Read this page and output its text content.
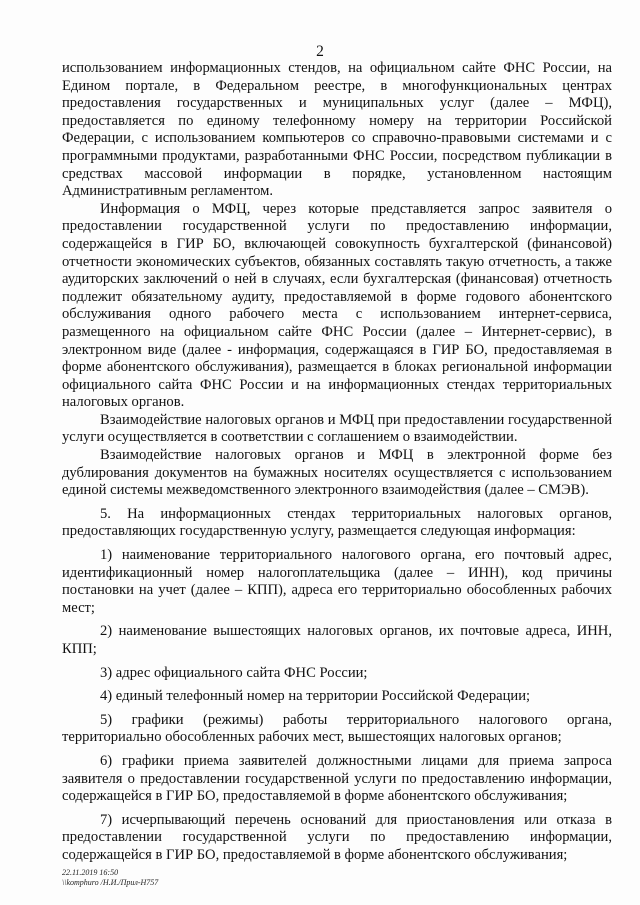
2

использованием информационных стендов, на официальном сайте ФНС России, на Едином портале, в Федеральном реестре, в многофункциональных центрах предоставления государственных и муниципальных услуг (далее – МФЦ), предоставляется по единому телефонному номеру на территории Российской Федерации, с использованием компьютеров со справочно-правовыми системами и с программными продуктами, разработанными ФНС России, посредством публикации в средствах массовой информации в порядке, установленном настоящим Административным регламентом.

Информация о МФЦ, через которые представляется запрос заявителя о предоставлении государственной услуги по предоставлению информации, содержащейся в ГИР БО, включающей совокупность бухгалтерской (финансовой) отчетности экономических субъектов, обязанных составлять такую отчетность, а также аудиторских заключений о ней в случаях, если бухгалтерская (финансовая) отчетность подлежит обязательному аудиту, предоставляемой в форме годового абонентского обслуживания одного рабочего места с использованием интернет-сервиса, размещенного на официальном сайте ФНС России (далее – Интернет-сервис), в электронном виде (далее - информация, содержащаяся в ГИР БО, предоставляемая в форме абонентского обслуживания), размещается в блоках региональной информации официального сайта ФНС России и на информационных стендах территориальных налоговых органов.

Взаимодействие налоговых органов и МФЦ при предоставлении государственной услуги осуществляется в соответствии с соглашением о взаимодействии.

Взаимодействие налоговых органов и МФЦ в электронной форме без дублирования документов на бумажных носителях осуществляется с использованием единой системы межведомственного электронного взаимодействия (далее – СМЭВ).

5. На информационных стендах территориальных налоговых органов, предоставляющих государственную услугу, размещается следующая информация:

1) наименование территориального налогового органа, его почтовый адрес, идентификационный номер налогоплательщика (далее – ИНН), код причины постановки на учет (далее – КПП), адреса его территориально обособленных рабочих мест;

2) наименование вышестоящих налоговых органов, их почтовые адреса, ИНН, КПП;

3) адрес официального сайта ФНС России;

4) единый телефонный номер на территории Российской Федерации;

5) графики (режимы) работы территориального налогового органа, территориально обособленных рабочих мест, вышестоящих налоговых органов;

6) графики приема заявителей должностными лицами для приема запроса заявителя о предоставлении государственной услуги по предоставлению информации, содержащейся в ГИР БО, предоставляемой в форме абонентского обслуживания;

7) исчерпывающий перечень оснований для приостановления или отказа в предоставлении государственной услуги по предоставлению информации, содержащейся в ГИР БО, предоставляемой в форме абонентского обслуживания;

22.11.2019 16:50
\\komphuro /Н.И./Прил-Н757
